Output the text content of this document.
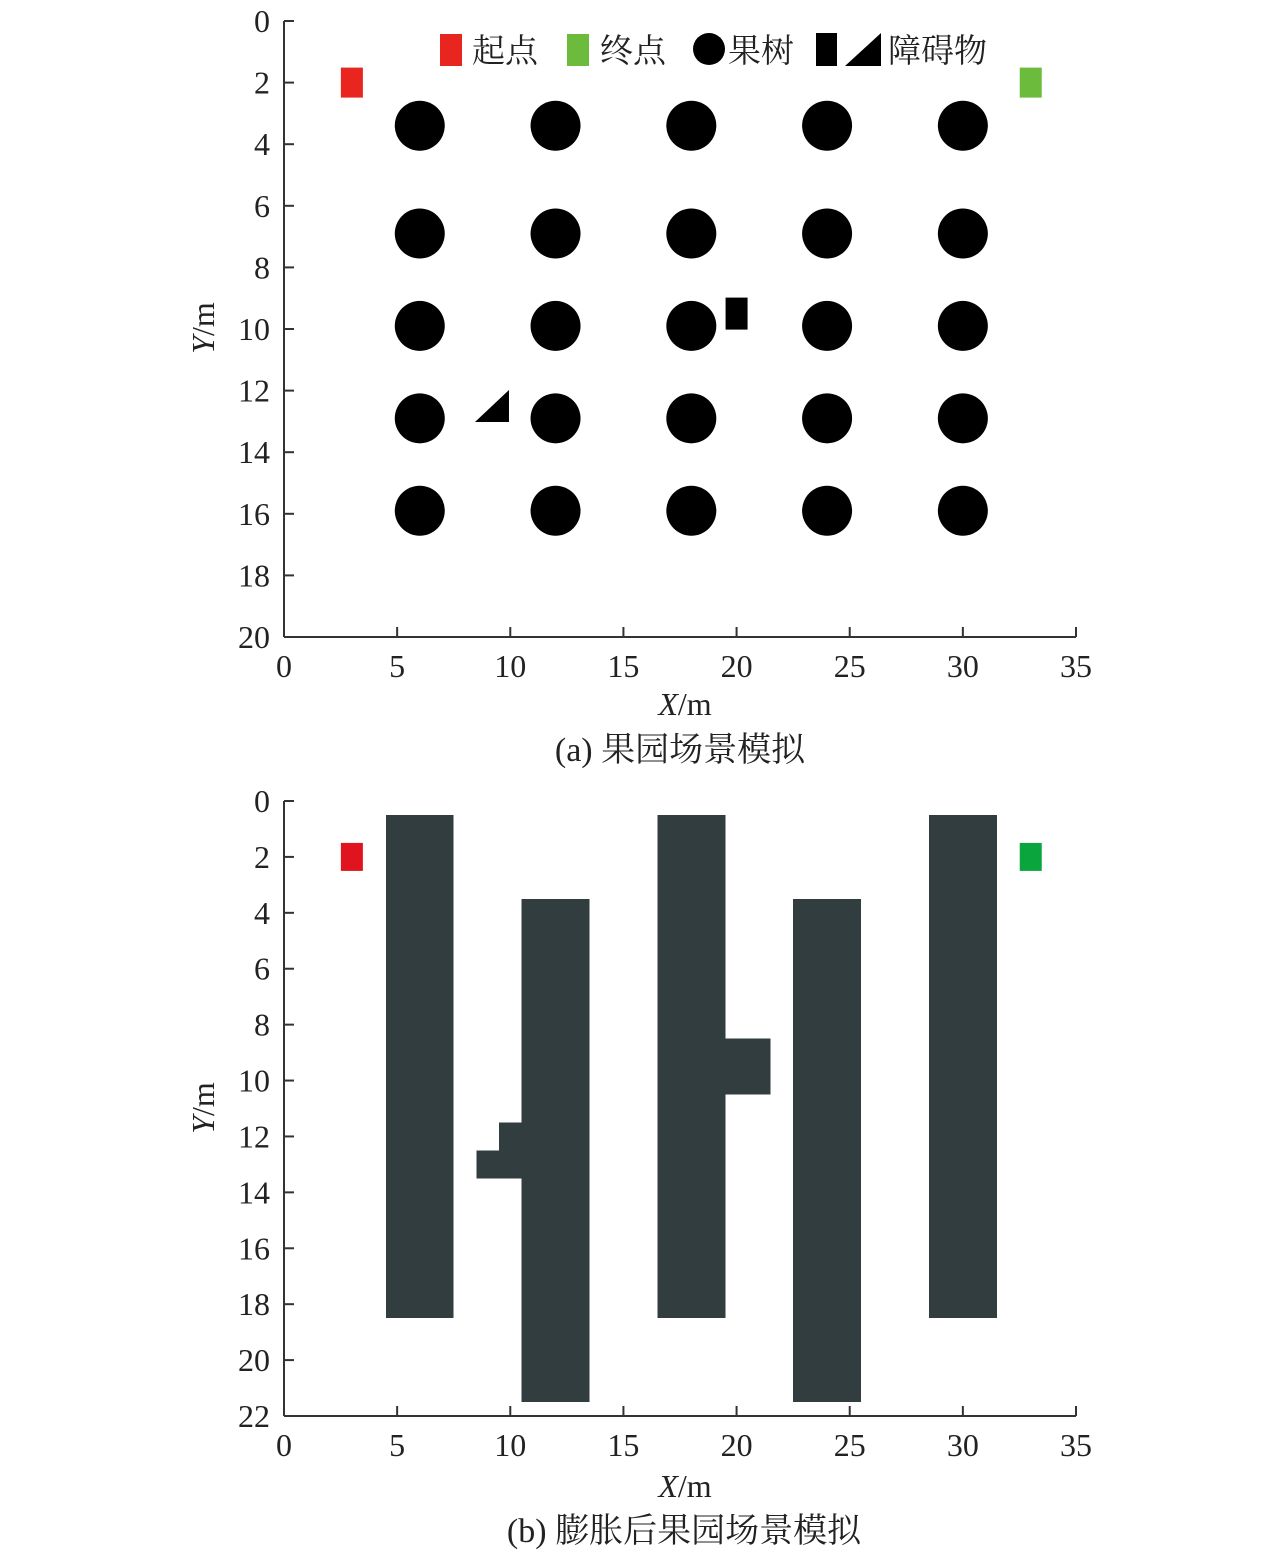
0	5	10	15	20	25	30	35
0
2
4
6
8
10
12
14
16
18
20
起点 终点 果树	障碍物
X/m
Y/m
(a) 果园场景模拟
0	5	10	15	20	25	30	35
0
2
4
6
8
10
12
14
16
18
20
22
X/m
Y/m
(b) 膨胀后果园场景模拟
